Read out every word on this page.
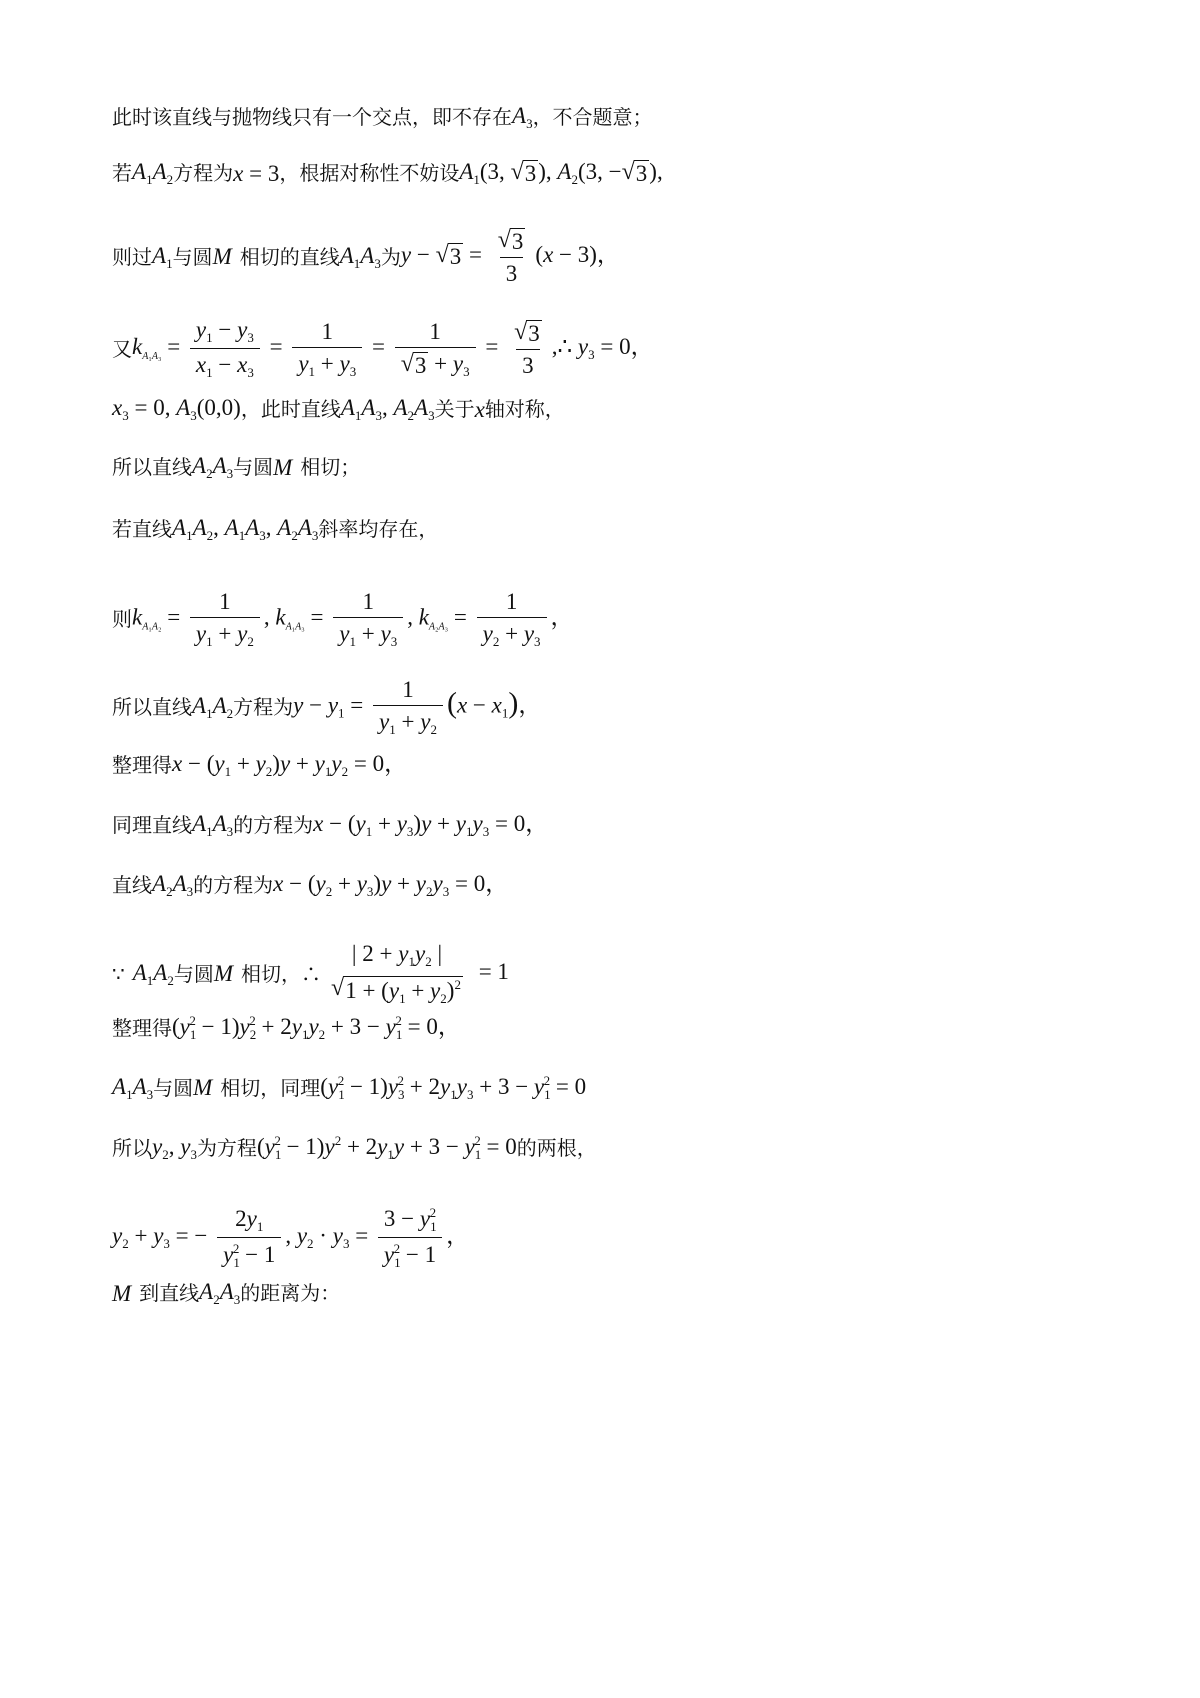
此时该直线与抛物线只有一个交点，即不存在 $A_3$ ，不合题意；
若 $A_1A_2$ 方程为 x = 3 ，根据对称性不妨设 $A_1(3$, √ 3 ), $A_2(3$, − √ 3 ),
则过 $A_1$ 与圆 M 相切的直线 $A_1A_3$ 为 y − √ $3 = \frac{√ 3}{3} (x - 3)$，
又 $k_{A_1A_3} = \frac{y_1 - y_3}{x_1 - x_3} = \frac{1}{y_1 + y_3} = \frac{1}{√ 3 + y_3} = \frac{√ 3}{3}$ ,∴ $y_3 = 0$，
$x_3 = 0$, $A_3(0,0)$ ，此时直线 $A_1A_3$, $A_2A_3$ 关于 x 轴对称，
所以直线 $A_2A_3$ 与圆 M 相切；
若直线 $A_1A_2$, $A_1A_3$, $A_2A_3$ 斜率均存在，
则 $k_{A_1A_2} = \frac{1}{y_1 + y_2}$ , $k_{A_1A_3} = \frac{1}{y_1 + y_3}$ , $k_{A_2A_3} = \frac{1}{y_2 + y_3}$ ，
所以直线 $A_1A_2$ 方程为 $y - y_1 = \frac{1}{y_1 + y_2} (x - x_1)$，
整理得 $x - (y_1 + y_2)y + y_1y_2 = 0$，
同理直线 $A_1A_3$ 的方程为 $x - (y_1 + y_3)y + y_1y_3 = 0$，
直线 $A_2A_3$ 的方程为 $x - (y_2 + y_3)y + y_2y_3 = 0$，
∵ $A_1A_2$ 与圆 M 相切，∴
| $2 + y_1y_2$ |
√ $1 + (y_1 + y_2)^2$
= 1
整理得 $(y_1^2 - 1)y_2^2 + 2y_1y_2 + 3 - y_1^2 = 0$，
$A_1A_3$ 与圆 M 相切，同理 $(y_1^2 - 1)y_3^2 + 2y_1y_3 + 3 - y_1^2 = 0$
所以 $y_2$, $y_3$ 为方程 $(y_1^2 - 1)y^2 + 2y_1y + 3 - y_1^2 = 0$ 的两根，
$y_2 + y_3$ = − $\frac{2y_1}{y_1^2 - 1}$ , $y_2 \cdot y_3 = \frac{3 - y_1^2}{y_1^2 - 1}$ ，
M 到直线 $A_2A_3$ 的距离为：
